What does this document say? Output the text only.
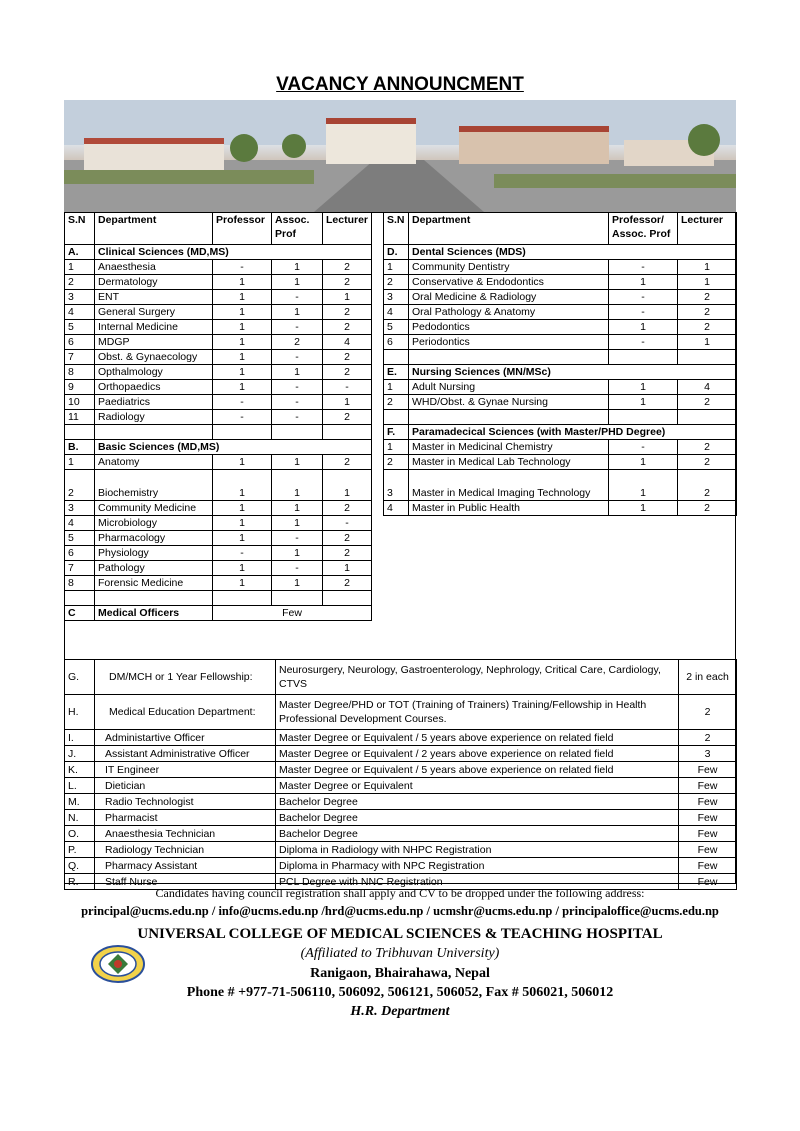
VACANCY ANNOUNCMENT
S.N	Department	Professor	Assoc. Prof	Lecturer
A.	Clinical Sciences (MD,MS)			
1	Anaesthesia	-	1	2
2	Dermatology	1	1	2
3	ENT	1	-	1
4	General Surgery	1	1	2
5	Internal Medicine	1	-	2
6	MDGP	1	2	4
7	Obst. & Gynaecology	1	-	2
8	Opthalmology	1	1	2
9	Orthopaedics	1	-	-
10	Paediatrics	-	-	1
11	Radiology	-	-	2

B.	Basic Sciences (MD,MS)			
1	Anatomy	1	1	2
2	Biochemistry	1	1	1
3	Community Medicine	1	1	2
4	Microbiology	1	1	-
5	Pharmacology	1	-	2
6	Physiology	-	1	2
7	Pathology	1	-	1
8	Forensic Medicine	1	1	2

C	Medical Officers	Few		
S.N	Department	Professor/ Assoc. Prof	Lecturer
D.	Dental Sciences (MDS)		
1	Community Dentistry	-	1
2	Conservative & Endodontics	1	1
3	Oral Medicine & Radiology	-	2
4	Oral Pathology & Anatomy	-	2
5	Pedodontics	1	2
6	Periodontics	-	1

E.	Nursing Sciences (MN/MSc)		
1	Adult Nursing	1	4
2	WHD/Obst. & Gynae Nursing	1	2

F.	Paramadecical Sciences (with Master/PHD Degree)		
1	Master in Medicinal Chemistry	-	2
2	Master in Medical Lab Technology	1	2
3	Master in Medical Imaging Technology	1	2
4	Master in Public Health	1	2

G.	DM/MCH or 1 Year Fellowship:	Neurosurgery, Neurology, Gastroenterology, Nephrology, Critical Care, Cardiology, CTVS	2 in each
H.	Medical Education Department:	Master Degree/PHD or TOT (Training of Trainers) Training/Fellowship in Health Professional Development Courses.	2
I.	Administartive Officer	Master Degree or Equivalent / 5 years above experience on related field	2
J.	Assistant Administrative Officer	Master Degree or Equivalent / 2 years above experience on related field	3
K.	IT Engineer	Master Degree or Equivalent / 5 years above experience on related field	Few
L.	Dietician	Master Degree or Equivalent	Few
M.	Radio Technologist	Bachelor Degree	Few
N.	Pharmacist	Bachelor Degree	Few
O.	Anaesthesia Technician	Bachelor Degree	Few
P.	Radiology Technician	Diploma in Radiology with NHPC Registration	Few
Q.	Pharmacy Assistant	Diploma in Pharmacy with NPC Registration	Few
R.	Staff Nurse	PCL Degree with NNC Registration	Few
Candidates having council registration shall apply and CV to be dropped under the following address:
principal@ucms.edu.np / info@ucms.edu.np /hrd@ucms.edu.np / ucmshr@ucms.edu.np / principaloffice@ucms.edu.np
UNIVERSAL COLLEGE OF MEDICAL SCIENCES & TEACHING HOSPITAL
(Affiliated to Tribhuvan University)
Ranigaon, Bhairahawa, Nepal
Phone # +977-71-506110, 506092, 506121, 506052, Fax # 506021, 506012
H.R. Department
